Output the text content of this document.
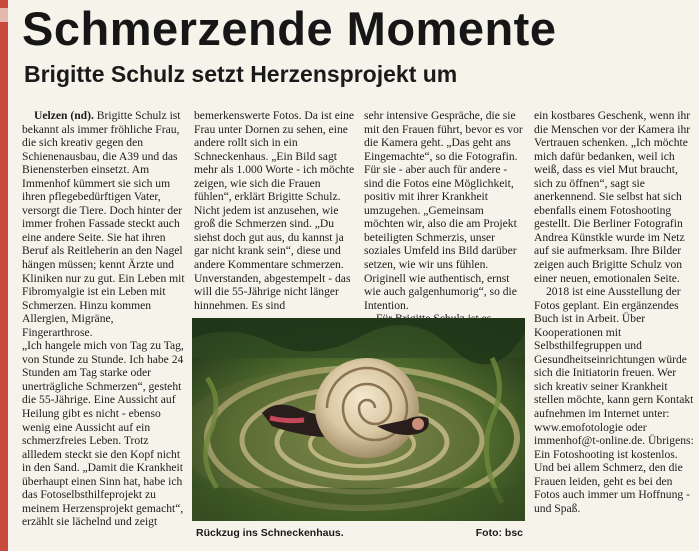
Schmerzende Momente
Brigitte Schulz setzt Herzensprojekt um

Uelzen (nd). Brigitte Schulz ist bekannt als immer fröhliche Frau, die sich kreativ gegen den Schienenausbau, die A39 und das Bienensterben einsetzt. Am Immenhof kümmert sie sich um ihren pflegebedürftigen Vater, versorgt die Tiere. Doch hinter der immer frohen Fassade steckt auch eine andere Seite. Sie hat ihren Beruf als Reitleherin an den Nagel hängen müssen; kennt Ärzte und Kliniken nur zu gut. Ein Leben mit Fibromyalgie ist ein Leben mit Schmerzen. Hinzu kommen Allergien, Migräne, Fingerarthrose.

„Ich hangele mich von Tag zu Tag, von Stunde zu Stunde. Ich habe 24 Stunden am Tag starke oder unerträgliche Schmerzen“, gesteht die 55-Jährige. Eine Aussicht auf Heilung gibt es nicht - ebenso wenig eine Aussicht auf ein schmerzfreies Leben. Trotz allledem steckt sie den Kopf nicht in den Sand. „Damit die Krankheit überhaupt einen Sinn hat, habe ich das Fotoselbsthilfeprojekt zu meinem Herzensprojekt gemacht“, erzählt sie lächelnd und zeigt

bemerkenswerte Fotos. Da ist eine Frau unter Dornen zu sehen, eine andere rollt sich in ein Schneckenhaus. „Ein Bild sagt mehr als 1.000 Worte - ich möchte zeigen, wie sich die Frauen fühlen“, erklärt Brigitte Schulz. Nicht jedem ist anzusehen, wie groß die Schmerzen sind. „Du siehst doch gut aus, du kannst ja gar nicht krank sein“, diese und andere Kommentare schmerzen. Unverstanden, abgestempelt - das will die 55-Jährige nicht länger hinnehmen. Es sind

sehr intensive Gespräche, die sie mit den Frauen führt, bevor es vor die Kamera geht. „Das geht ans Eingemachte“, so die Fotografin. Für sie - aber auch für andere - sind die Fotos eine Möglichkeit, positiv mit ihrer Krankheit umzugehen. „Gemeinsam möchten wir, also die am Projekt beteiligten Schmerzis, unser soziales Umfeld ins Bild darüber setzen, wie wir uns fühlen. Originell wie authentisch, ernst wie auch galgenhumorig“, so die Intention.

ein kostbares Geschenk, wenn ihr die Menschen vor der Kamera ihr Vertrauen schenken. „Ich möchte mich dafür bedanken, weil ich weiß, dass es viel Mut braucht, sich zu öffnen“, sagt sie anerkennend. Sie selbst hat sich ebenfalls einem Fotoshooting gestellt. Die Berliner Fotografin Andrea Künstkle wurde im Netz auf sie aufmerksam. Ihre Bilder zeigen auch Brigitte Schulz von einer neuen, emotionalen Seite.

2018 ist eine Ausstellung der Fotos geplant. Ein ergänzendes Buch ist in Arbeit. Über Kooperationen mit Selbsthilfegruppen und Gesundheitseinrichtungen würde sich die Initiatorin freuen. Wer sich kreativ seiner Krankheit stellen möchte, kann gern Kontakt aufnehmen im Internet unter: www.emofotologie oder immenhof@t-online.de. Übrigens: Ein Fotoshooting ist kostenlos. Und bei allem Schmerz, den die Frauen leiden, geht es bei den Fotos auch immer um Hoffnung - und Spaß.

Rückzug ins Schneckenhaus.	Foto: bsc
